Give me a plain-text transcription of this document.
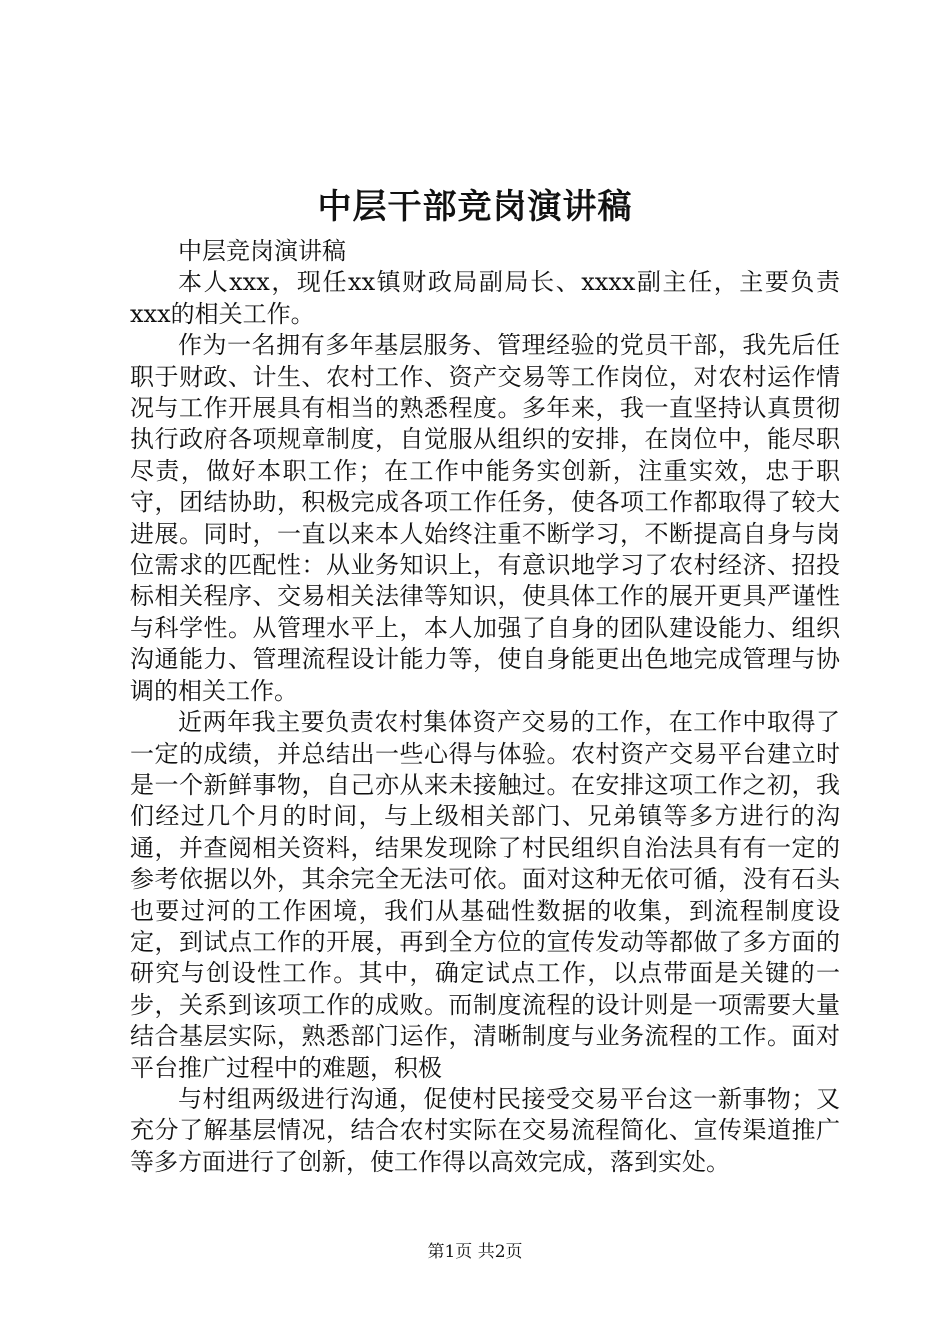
中层干部竞岗演讲稿

中层竞岗演讲稿

本人xxx，现任xx镇财政局副局长、xxxx副主任，主要负责xxx的相关工作。

作为一名拥有多年基层服务、管理经验的党员干部，我先后任职于财政、计生、农村工作、资产交易等工作岗位，对农村运作情况与工作开展具有相当的熟悉程度。多年来，我一直坚持认真贯彻执行政府各项规章制度，自觉服从组织的安排，在岗位中，能尽职尽责，做好本职工作；在工作中能务实创新，注重实效，忠于职守，团结协助，积极完成各项工作任务，使各项工作都取得了较大进展。同时，一直以来本人始终注重不断学习，不断提高自身与岗位需求的匹配性：从业务知识上，有意识地学习了农村经济、招投标相关程序、交易相关法律等知识，使具体工作的展开更具严谨性与科学性。从管理水平上，本人加强了自身的团队建设能力、组织沟通能力、管理流程设计能力等，使自身能更出色地完成管理与协调的相关工作。

近两年我主要负责农村集体资产交易的工作，在工作中取得了一定的成绩，并总结出一些心得与体验。农村资产交易平台建立时是一个新鲜事物，自己亦从来未接触过。在安排这项工作之初，我们经过几个月的时间，与上级相关部门、兄弟镇等多方进行的沟通，并查阅相关资料，结果发现除了村民组织自治法具有有一定的参考依据以外，其余完全无法可依。面对这种无依可循，没有石头也要过河的工作困境，我们从基础性数据的收集，到流程制度设定，到试点工作的开展，再到全方位的宣传发动等都做了多方面的研究与创设性工作。其中，确定试点工作，以点带面是关键的一步，关系到该项工作的成败。而制度流程的设计则是一项需要大量结合基层实际，熟悉部门运作，清晰制度与业务流程的工作。面对平台推广过程中的难题，积极

与村组两级进行沟通，促使村民接受交易平台这一新事物；又充分了解基层情况，结合农村实际在交易流程简化、宣传渠道推广等多方面进行了创新，使工作得以高效完成，落到实处。

第1页 共2页
